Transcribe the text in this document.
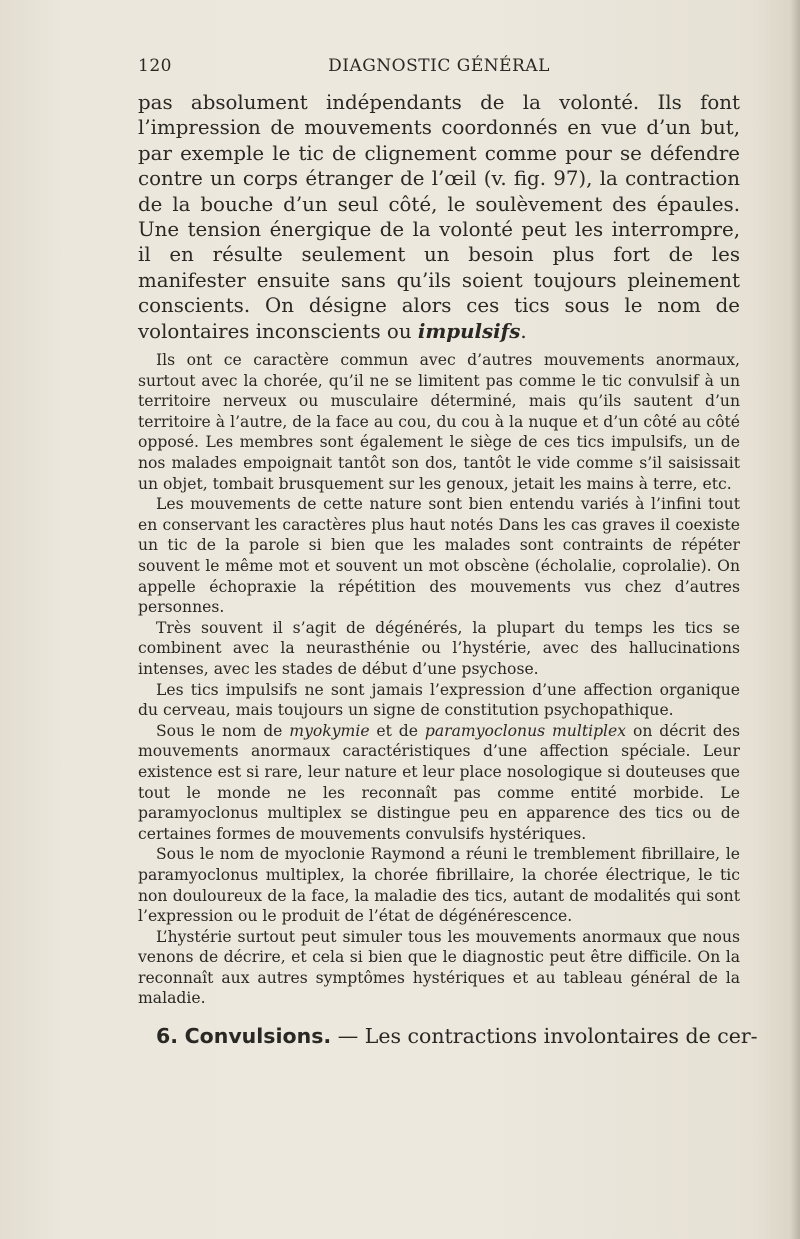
120	DIAGNOSTIC GÉNÉRAL

pas absolument indépendants de la volonté. Ils font l’impression de mouvements coordonnés en vue d’un but, par exemple le tic de clignement comme pour se défendre contre un corps étranger de l’œil (v. fig. 97), la contraction de la bouche d’un seul côté, le soulèvement des épaules. Une tension énergique de la volonté peut les interrompre, il en résulte seulement un besoin plus fort de les manifester ensuite sans qu’ils soient toujours pleinement conscients. On désigne alors ces tics sous le nom de volontaires inconscients ou impulsifs.

Ils ont ce caractère commun avec d’autres mouvements anormaux, surtout avec la chorée, qu’il ne se limitent pas comme le tic convulsif à un territoire nerveux ou musculaire déterminé, mais qu’ils sautent d’un territoire à l’autre, de la face au cou, du cou à la nuque et d’un côté au côté opposé. Les membres sont également le siège de ces tics impulsifs, un de nos malades empoignait tantôt son dos, tantôt le vide comme s’il saisissait un objet, tombait brusquement sur les genoux, jetait les mains à terre, etc.

Les mouvements de cette nature sont bien entendu variés à l’infini tout en conservant les caractères plus haut notés Dans les cas graves il coexiste un tic de la parole si bien que les malades sont contraints de répéter souvent le même mot et souvent un mot obscène (écholalie, coprolalie). On appelle échopraxie la répétition des mouvements vus chez d’autres personnes.

Très souvent il s’agit de dégénérés, la plupart du temps les tics se combinent avec la neurasthénie ou l’hystérie, avec des hallucinations intenses, avec les stades de début d’une psychose.

Les tics impulsifs ne sont jamais l’expression d’une affection organique du cerveau, mais toujours un signe de constitution psychopathique.

Sous le nom de myokymie et de paramyoclonus multiplex on décrit des mouvements anormaux caractéristiques d’une affection spéciale. Leur existence est si rare, leur nature et leur place nosologique si douteuses que tout le monde ne les reconnaît pas comme entité morbide. Le paramyoclonus multiplex se distingue peu en apparence des tics ou de certaines formes de mouvements convulsifs hystériques.

Sous le nom de myoclonie Raymond a réuni le tremblement fibrillaire, le paramyoclonus multiplex, la chorée fibrillaire, la chorée électrique, le tic non douloureux de la face, la maladie des tics, autant de modalités qui sont l’expression ou le produit de l’état de dégénérescence.

L’hystérie surtout peut simuler tous les mouvements anormaux que nous venons de décrire, et cela si bien que le diagnostic peut être difficile. On la reconnaît aux autres symptômes hystériques et au tableau général de la maladie.

6. Convulsions. — Les contractions involontaires de cer-
